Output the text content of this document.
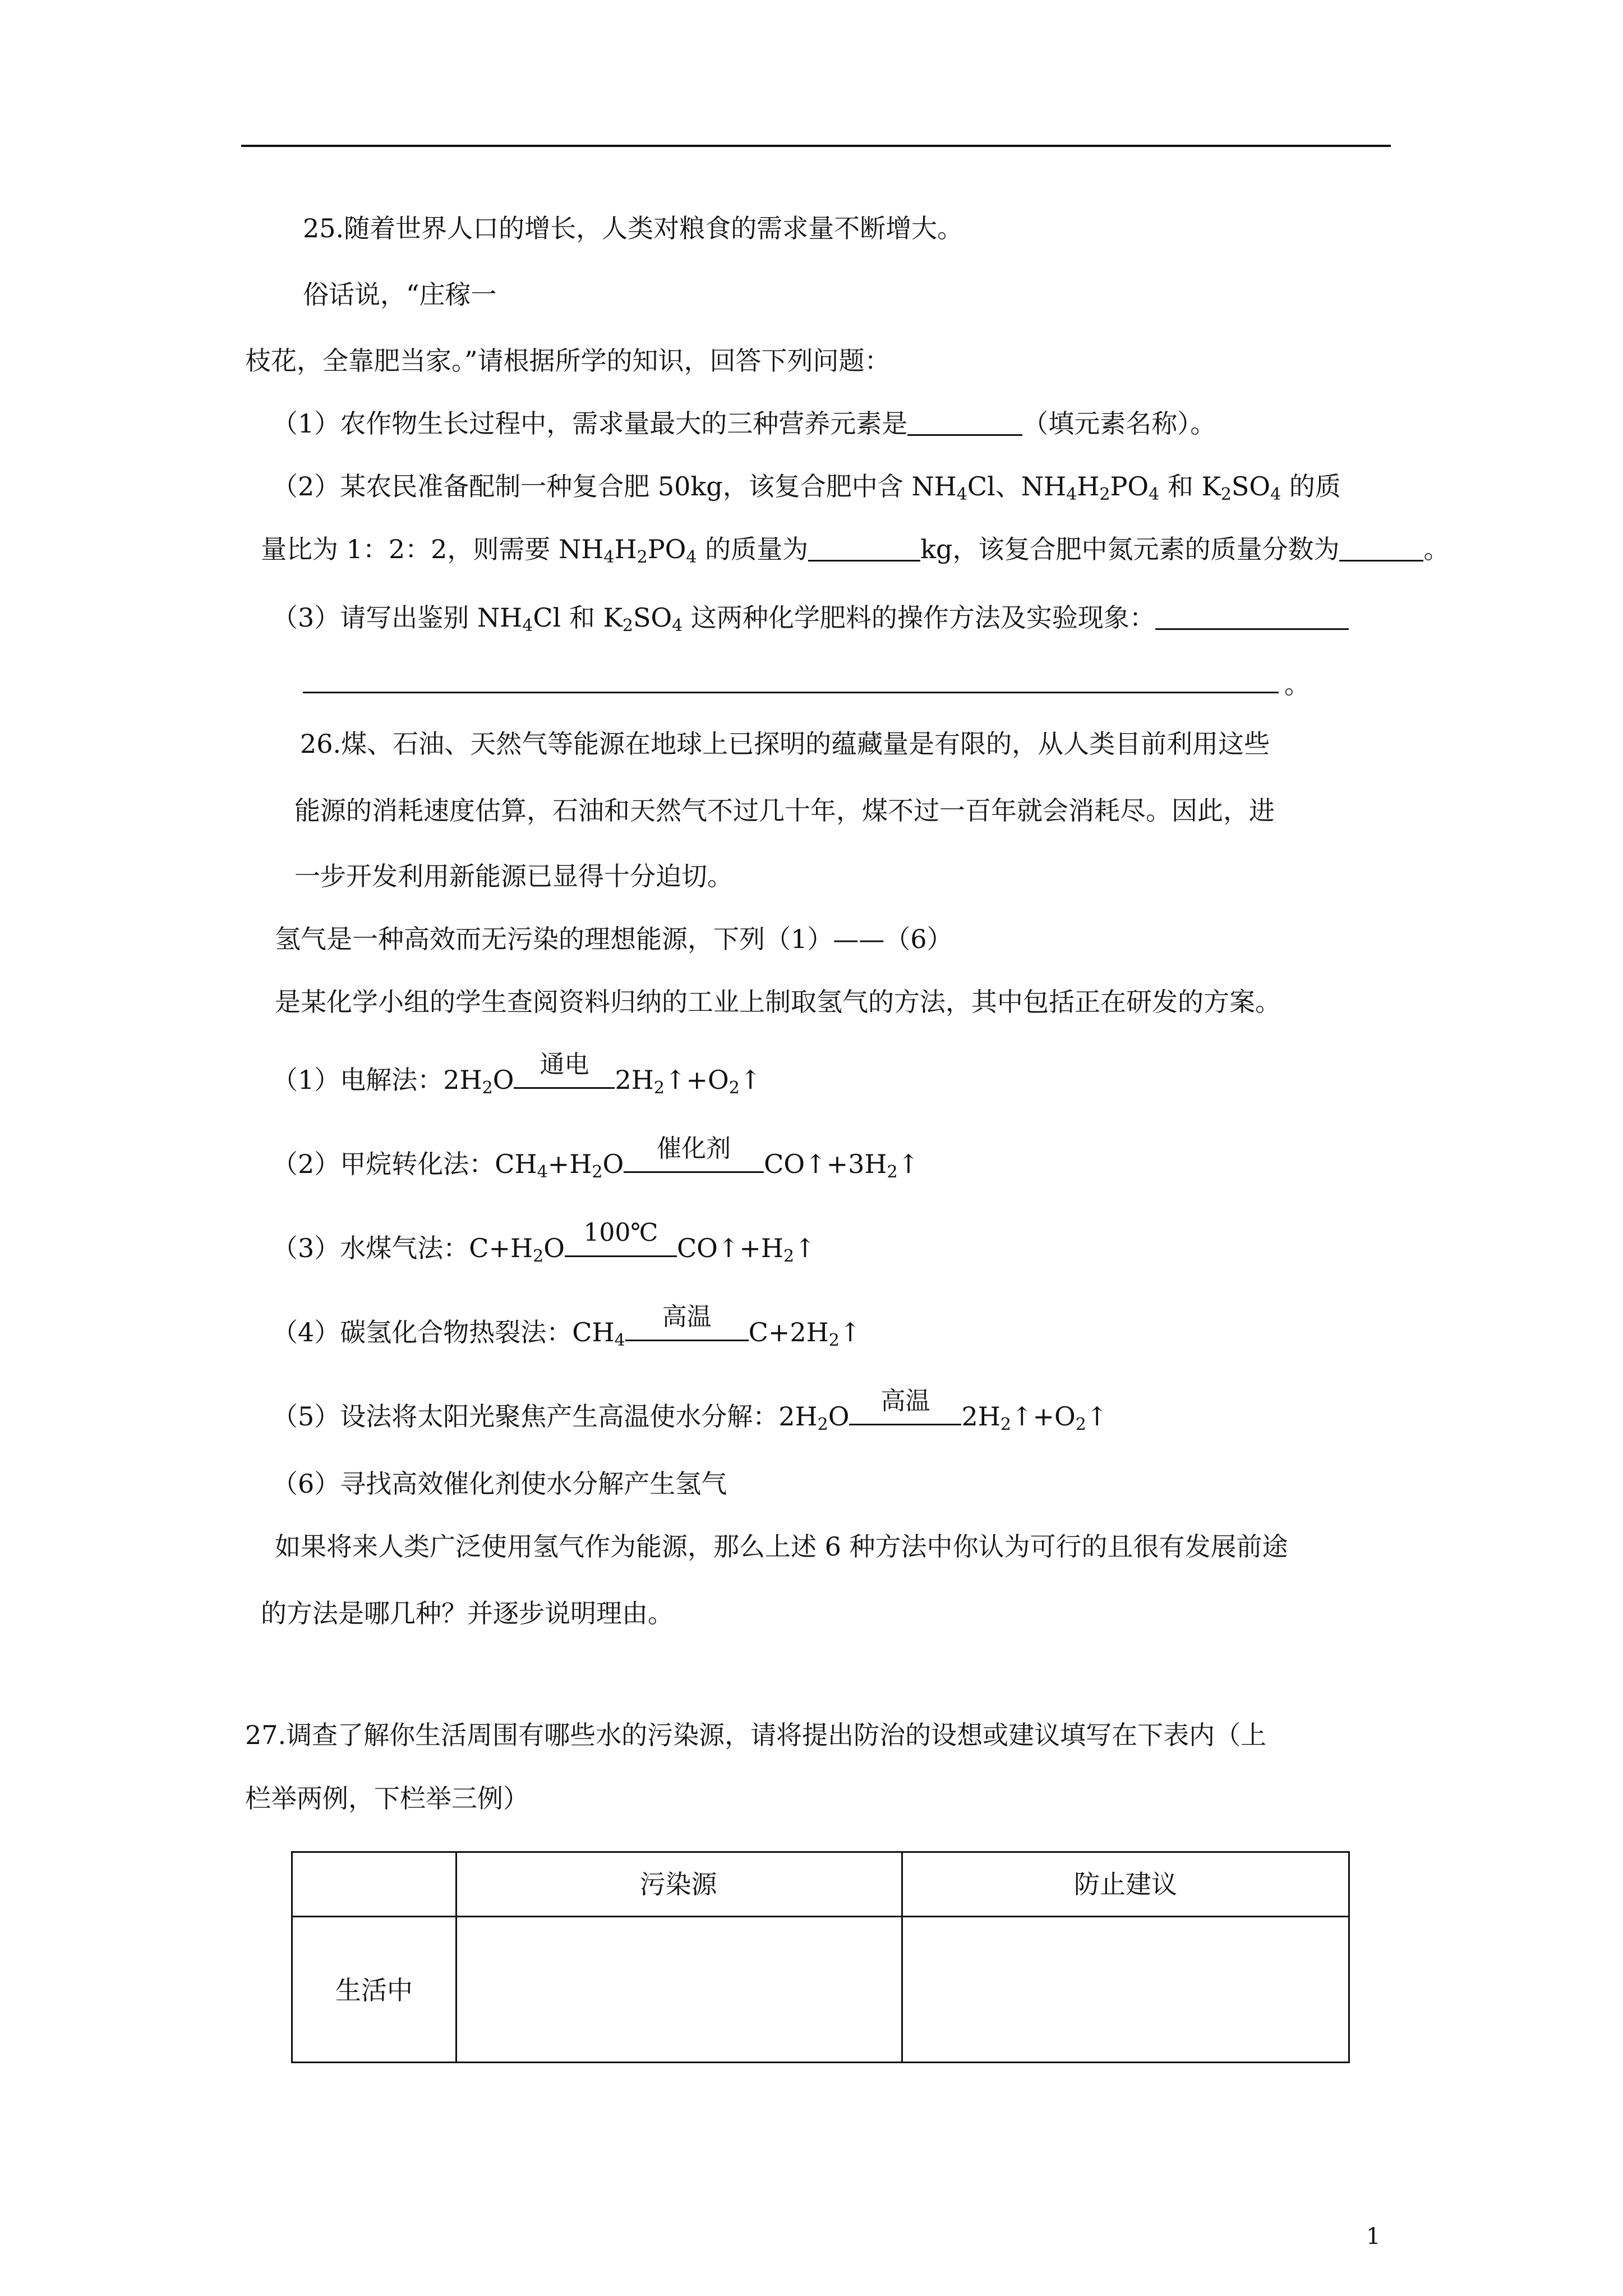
25.随着世界人口的增长，人类对粮食的需求量不断增大。
俗话说，“庄稼一
枝花，全靠肥当家。”请根据所学的知识，回答下列问题：
（1）农作物生长过程中，需求量最大的三种营养元素是	（填元素名称）。
（2）某农民准备配制一种复合肥 50kg，该复合肥中含 $NH_4Cl$、$NH_4H_2PO_4$ 和 $K_2SO_4$ 的质
量比为 1：2：2，则需要 $NH_4H_2PO_4$ 的质量为	kg，该复合肥中氮元素的质量分数为	。
（3）请写出鉴别 $NH_4Cl$ 和 $K_2SO_4$ 这两种化学肥料的操作方法及实验现象：
。
26.煤、石油、天然气等能源在地球上已探明的蕴藏量是有限的，从人类目前利用这些
能源的消耗速度估算，石油和天然气不过几十年，煤不过一百年就会消耗尽。因此，进
一步开发利用新能源已显得十分迫切。
氢气是一种高效而无污染的理想能源，下列（1）——（6）
是某化学小组的学生查阅资料归纳的工业上制取氢气的方法，其中包括正在研发的方案。
（1）电解法：$2H_2O$
通电
$2H_2↑+O_2↑$
（2）甲烷转化法：$CH_4+H_2O$
催化剂
$CO↑+3H_2↑$
（3）水煤气法：$C+H_2O$
100℃
$CO↑+H_2↑$
（4）碳氢化合物热裂法：$CH_4$
高温
$C+2H_2↑$
（5）设法将太阳光聚焦产生高温使水分解：$2H_2O$
高温
$2H_2↑+O_2↑$
（6）寻找高效催化剂使水分解产生氢气
如果将来人类广泛使用氢气作为能源，那么上述 6 种方法中你认为可行的且很有发展前途
的方法是哪几种？并逐步说明理由。
27.调查了解你生活周围有哪些水的污染源，请将提出防治的设想或建议填写在下表内（上
栏举两例，下栏举三例）
污染源	防止建议
生活中
1
